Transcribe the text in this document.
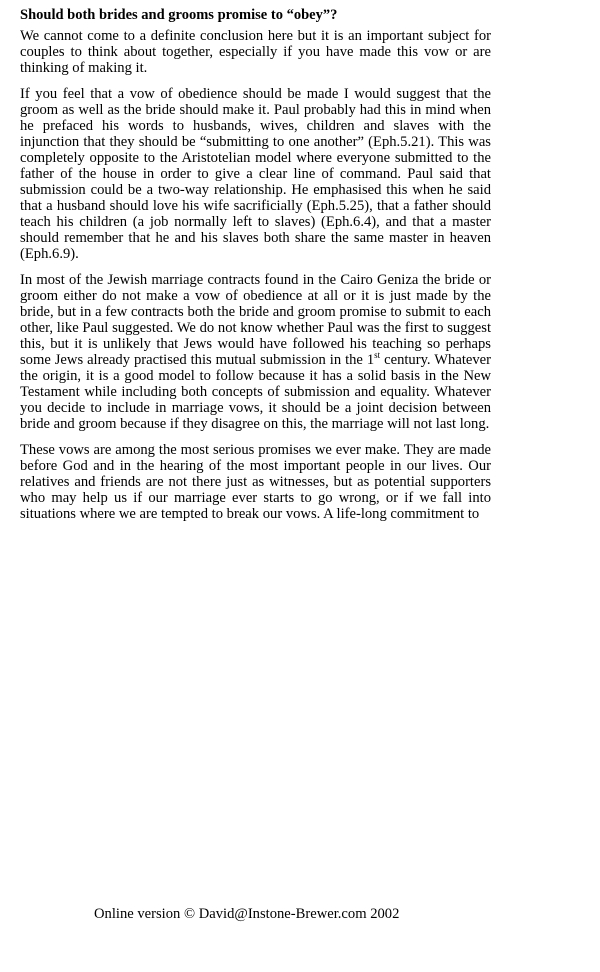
Should both brides and grooms promise to “obey”?

We cannot come to a definite conclusion here but it is an important subject for couples to think about together, especially if you have made this vow or are thinking of making it.

If you feel that a vow of obedience should be made I would suggest that the groom as well as the bride should make it. Paul probably had this in mind when he prefaced his words to husbands, wives, children and slaves with the injunction that they should be “submitting to one another” (Eph.5.21). This was completely opposite to the Aristotelian model where everyone submitted to the father of the house in order to give a clear line of command. Paul said that submission could be a two-way relationship. He emphasised this when he said that a husband should love his wife sacrificially (Eph.5.25), that a father should teach his children (a job normally left to slaves) (Eph.6.4), and that a master should remember that he and his slaves both share the same master in heaven (Eph.6.9).

In most of the Jewish marriage contracts found in the Cairo Geniza the bride or groom either do not make a vow of obedience at all or it is just made by the bride, but in a few contracts both the bride and groom promise to submit to each other, like Paul suggested. We do not know whether Paul was the first to suggest this, but it is unlikely that Jews would have followed his teaching so perhaps some Jews already practised this mutual submission in the 1st century. Whatever the origin, it is a good model to follow because it has a solid basis in the New Testament while including both concepts of submission and equality. Whatever you decide to include in marriage vows, it should be a joint decision between bride and groom because if they disagree on this, the marriage will not last long.

These vows are among the most serious promises we ever make. They are made before God and in the hearing of the most important people in our lives. Our relatives and friends are not there just as witnesses, but as potential supporters who may help us if our marriage ever starts to go wrong, or if we fall into situations where we are tempted to break our vows. A life-long commitment to

Online version © David@Instone-Brewer.com 2002
